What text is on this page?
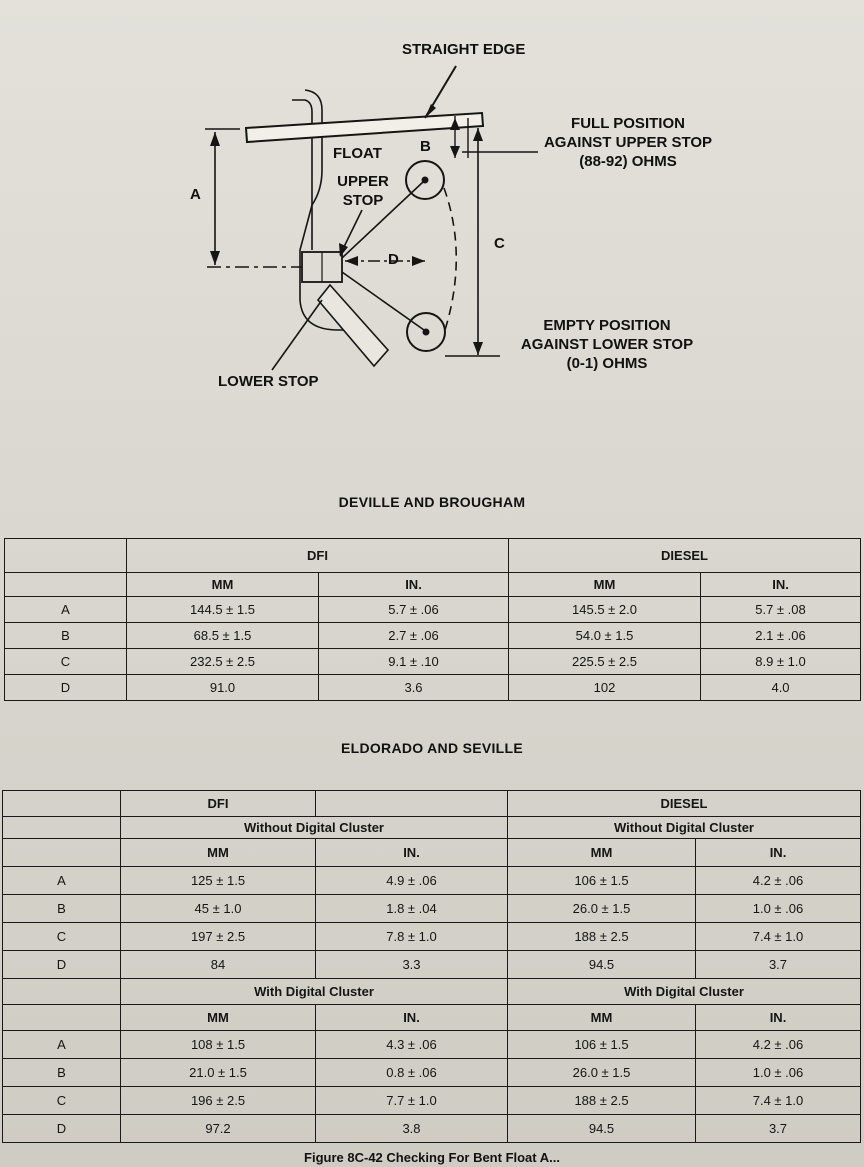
STRAIGHT EDGE
FULL POSITION AGAINST UPPER STOP (88-92) OHMS
FLOAT	B
A
UPPER STOP
C
D
EMPTY POSITION AGAINST LOWER STOP (0-1) OHMS
LOWER STOP
DEVILLE AND BROUGHAM
	DFI		DIESEL	
	MM	IN.	MM	IN.
A	144.5 ± 1.5	5.7 ± .06	145.5 ± 2.0	5.7 ± .08
B	68.5 ± 1.5	2.7 ± .06	54.0 ± 1.5	2.1 ± .06
C	232.5 ± 2.5	9.1 ± .10	225.5 ± 2.5	8.9 ± 1.0
D	91.0	3.6	102	4.0
ELDORADO AND SEVILLE
	DFI		DIESEL	
	Without Digital Cluster		Without Digital Cluster	
	MM	IN.	MM	IN.
A	125 ± 1.5	4.9 ± .06	106 ± 1.5	4.2 ± .06
B	45 ± 1.0	1.8 ± .04	26.0 ± 1.5	1.0 ± .06
C	197 ± 2.5	7.8 ± 1.0	188 ± 2.5	7.4 ± 1.0
D	84	3.3	94.5	3.7
	With Digital Cluster		With Digital Cluster	
	MM	IN.	MM	IN.
A	108 ± 1.5	4.3 ± .06	106 ± 1.5	4.2 ± .06
B	21.0 ± 1.5	0.8 ± .06	26.0 ± 1.5	1.0 ± .06
C	196 ± 2.5	7.7 ± 1.0	188 ± 2.5	7.4 ± 1.0
D	97.2	3.8	94.5	3.7
Figure 8C-42 Checking For Bent Float A...
